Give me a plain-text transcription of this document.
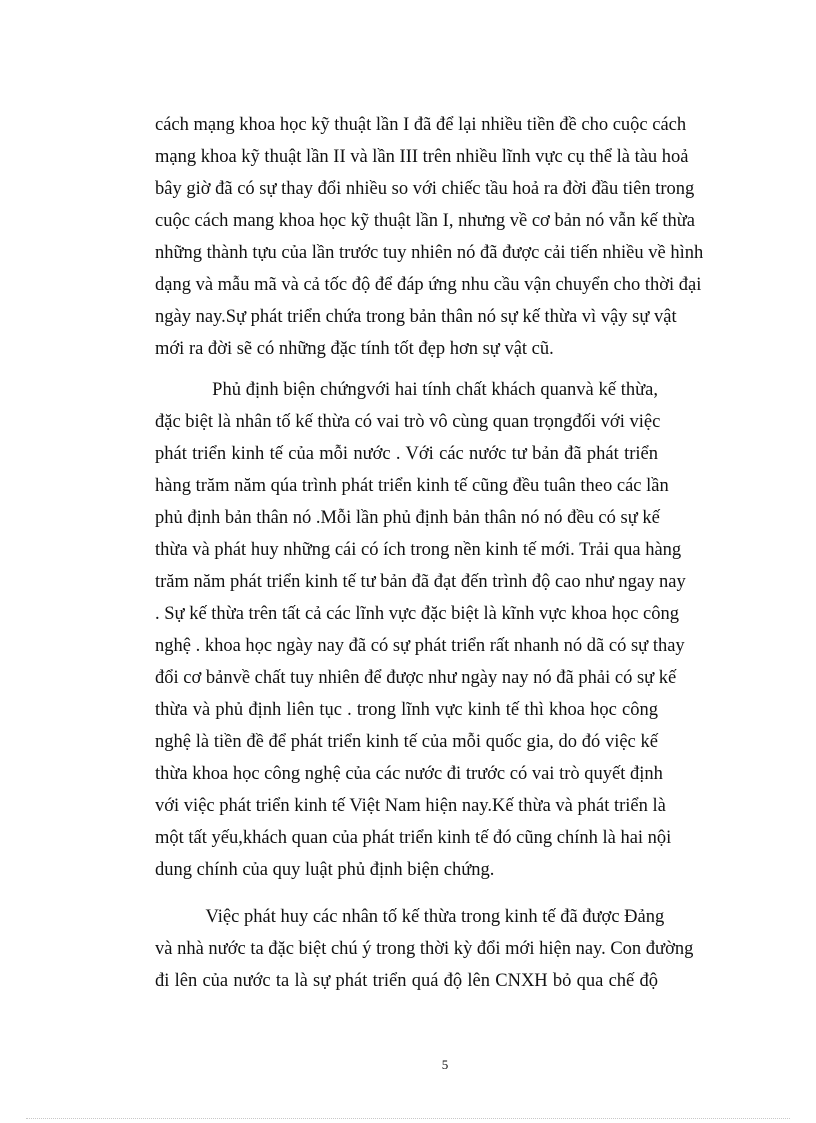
cách mạng khoa học kỹ thuật lần I đã để lại nhiều tiền đề cho cuộc cách
mạng khoa kỹ thuật lần II và lần III trên nhiều lĩnh vực cụ thể là tàu hoả
bây giờ đã có sự thay đổi nhiều so với chiếc tầu hoả ra đời đầu tiên trong
cuộc cách mang khoa học kỹ thuật lần I, nhưng về cơ bản nó vẫn kế thừa
những thành tựu của lần trước tuy nhiên nó đã được cải tiến nhiều về hình
dạng và mẫu mã và cả tốc độ để đáp ứng nhu cầu vận chuyển cho thời đại
ngày nay.Sự phát triển chứa trong bản thân nó sự kế thừa vì vậy sự vật
mới ra đời sẽ có những đặc tính tốt đẹp hơn sự vật cũ.
Phủ định biện chứngvới hai tính chất khách quanvà kế thừa,
đặc biệt là nhân tố kế thừa có vai trò vô cùng quan trọngđối với việc
phát triển kinh tế của mỗi nước . Với các nước tư bản đã phát triển
hàng trăm năm qúa trình phát triển kinh tế cũng đều tuân theo các lần
phủ định bản thân nó .Mỗi lần phủ định bản thân nó nó đều có sự kế
thừa và phát huy những cái có ích trong nền kinh tế mới. Trải qua hàng
trăm năm phát triển kinh tế tư bản đã đạt đến trình độ cao như ngay nay
. Sự kế thừa trên tất cả các lĩnh vực đặc biệt là kĩnh vực khoa học công
nghệ . khoa học ngày nay đã có sự phát triển rất nhanh nó dã có sự thay
đổi cơ bảnvề chất tuy nhiên để được như ngày nay nó đã phải có sự kế
thừa và phủ định liên tục . trong lĩnh vực kinh tế thì khoa học công
nghệ là tiền đề để phát triển kinh tế của mỗi quốc gia, do đó việc kế
thừa khoa học công nghệ của các nước đi trước có vai trò quyết định
với việc phát triển kinh tế Việt Nam hiện nay.Kế thừa và phát triển là
một tất yếu,khách quan của phát triển kinh tế đó cũng chính là hai nội
dung chính của quy luật phủ định biện chứng.
Việc phát huy các nhân tố kế thừa trong kinh tế đã được Đảng
và nhà nước ta đặc biệt chú ý trong thời kỳ đổi mới hiện nay. Con đường
đi lên của nước ta là sự phát triển quá độ lên CNXH bỏ qua chế độ
5
